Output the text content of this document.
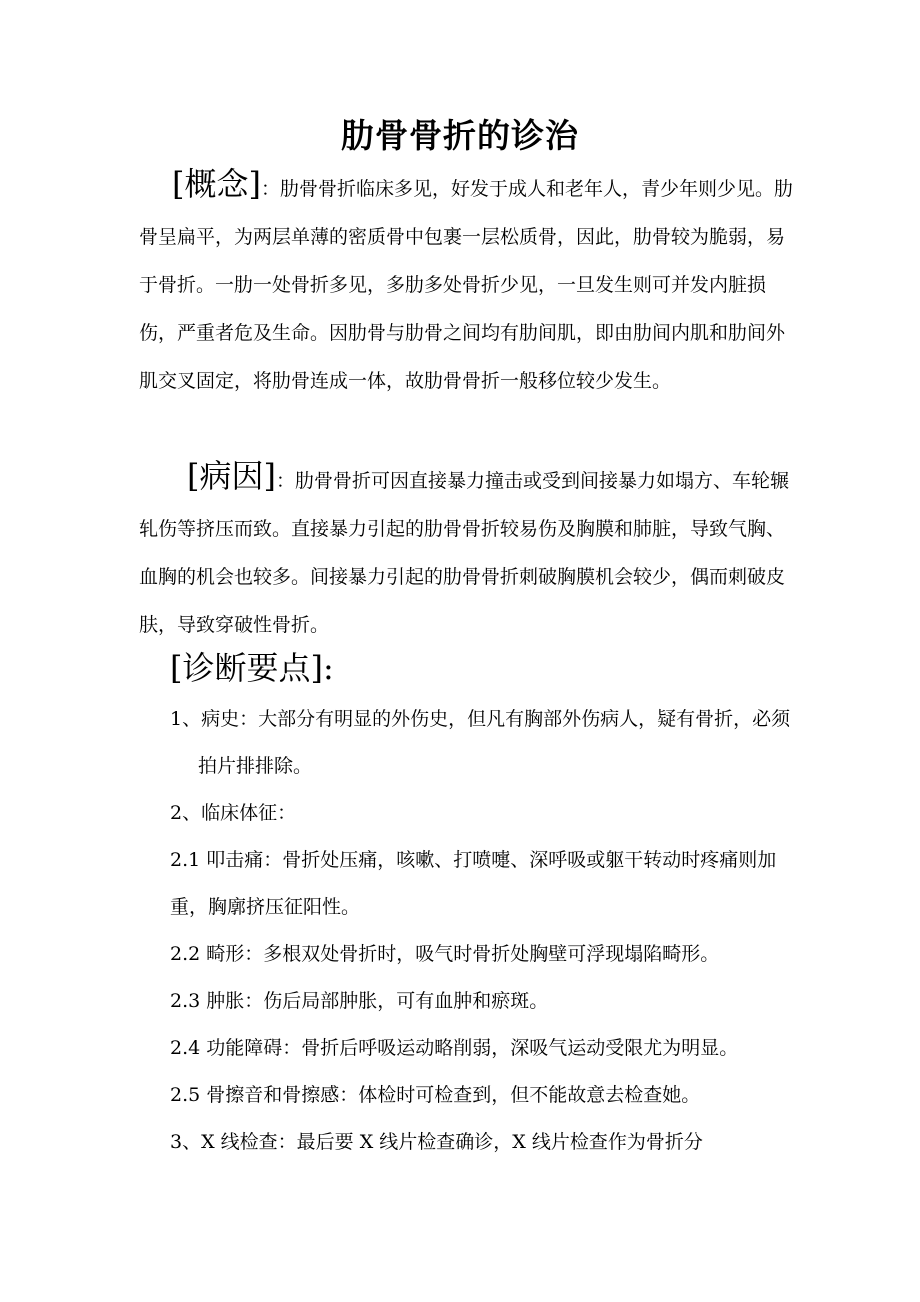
肋骨骨折的诊治

[概念]：肋骨骨折临床多见，好发于成人和老年人，青少年则少见。肋骨呈扁平，为两层单薄的密质骨中包裹一层松质骨，因此，肋骨较为脆弱，易于骨折。一肋一处骨折多见，多肋多处骨折少见，一旦发生则可并发内脏损伤，严重者危及生命。因肋骨与肋骨之间均有肋间肌，即由肋间内肌和肋间外肌交叉固定，将肋骨连成一体，故肋骨骨折一般移位较少发生。

[病因]：肋骨骨折可因直接暴力撞击或受到间接暴力如塌方、车轮辗轧伤等挤压而致。直接暴力引起的肋骨骨折较易伤及胸膜和肺脏，导致气胸、血胸的机会也较多。间接暴力引起的肋骨骨折刺破胸膜机会较少，偶而刺破皮肤，导致穿破性骨折。

[诊断要点]:

1、病史：大部分有明显的外伤史，但凡有胸部外伤病人，疑有骨折，必须拍片排排除。

2、临床体征：

2.1 叩击痛：骨折处压痛，咳嗽、打喷嚏、深呼吸或躯干转动时疼痛则加重，胸廓挤压征阳性。

2.2 畸形：多根双处骨折时，吸气时骨折处胸壁可浮现塌陷畸形。

2.3 肿胀：伤后局部肿胀，可有血肿和瘀斑。

2.4 功能障碍：骨折后呼吸运动略削弱，深吸气运动受限尤为明显。

2.5 骨擦音和骨擦感：体检时可检查到，但不能故意去检查她。

3、X 线检查：最后要 X 线片检查确诊，X 线片检查作为骨折分
